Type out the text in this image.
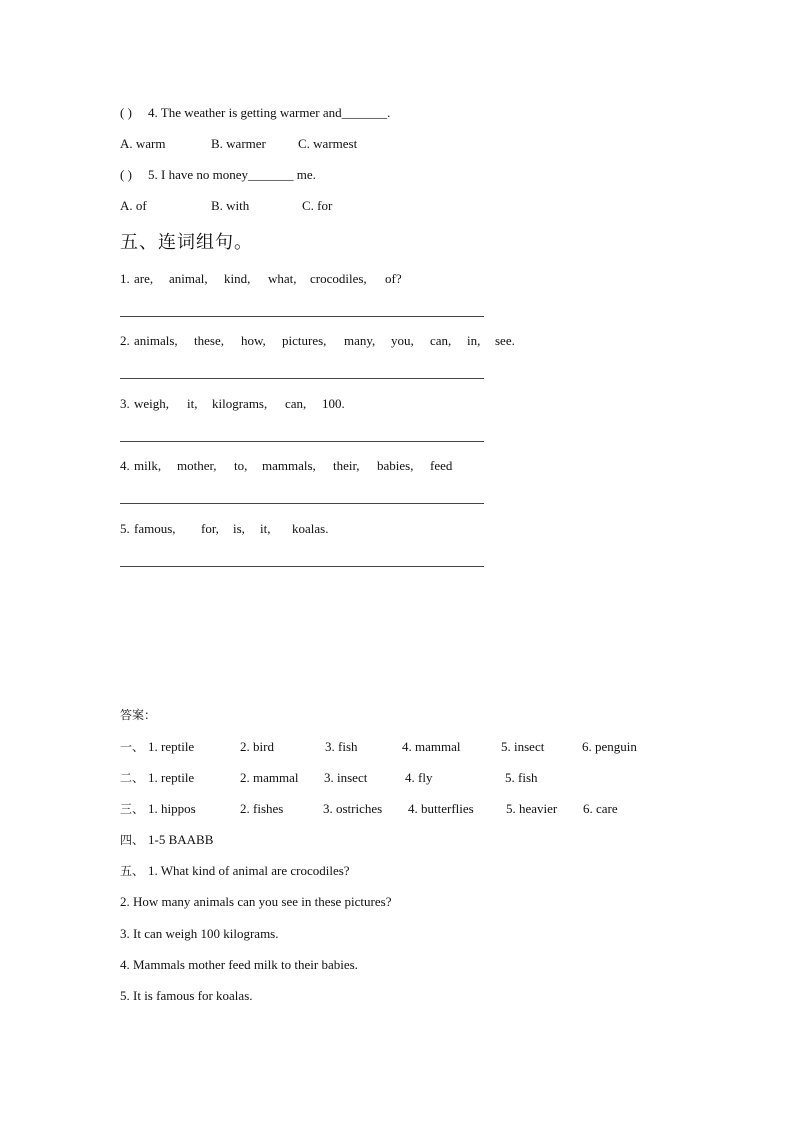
( ) 4. The weather is getting warmer and_______.
A. warm	B. warmer C. warmest
( ) 5. I have no money_______ me.
A. of	B. with	C. for
五、连词组句。
1. are, animal, kind, what, crocodiles, of?
2. animals, these, how, pictures, many, you, can, in, see.
3. weigh, it, kilograms, can, 100.
4. milk, mother, to, mammals, their, babies, feed
5. famous, for, is, it, koalas.
答案：
一、 1. reptile	2. bird	3. fish	4. mammal	5. insect	6. penguin
二、 1. reptile	2. mammal 3. insect	4. fly	5. fish
三、 1. hippos	2. fishes	3. ostriches 4. butterflies 5. heavier 6. care
四、 1-5 BAABB
五、 1. What kind of animal are crocodiles?
2. How many animals can you see in these pictures?
3. It can weigh 100 kilograms.
4. Mammals mother feed milk to their babies.
5. It is famous for koalas.
